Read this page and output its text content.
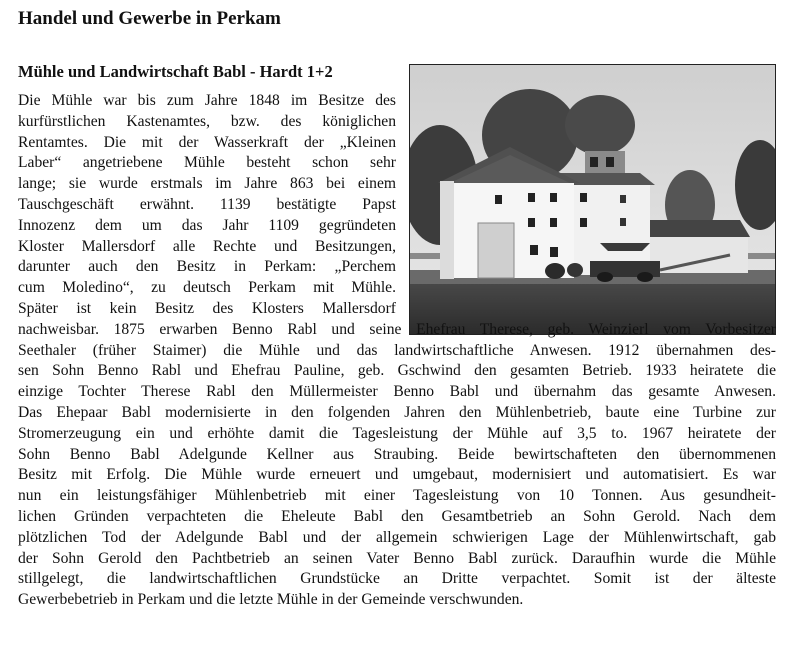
Handel und Gewerbe in Perkam
Mühle und Landwirtschaft Babl - Hardt 1+2
Die Mühle war bis zum Jahre 1848 im Besitze des
kurfürstlichen Kastenamtes, bzw. des königlichen
Rentamtes. Die mit der Wasserkraft der „Kleinen
Laber“ angetriebene Mühle besteht schon sehr
lange; sie wurde erstmals im Jahre 863 bei einem
Tauschgeschäft erwähnt. 1139 bestätigte Papst
Innozenz dem um das Jahr 1109 gegründeten
Kloster Mallersdorf alle Rechte und Besitzungen,
darunter auch den Besitz in Perkam: „Perchem
cum Moledino“, zu deutsch Perkam mit Mühle.
Später ist kein Besitz des Klosters Mallersdorf
nachweisbar. 1875 erwarben Benno Rabl und seine Ehefrau Therese, geb. Weinzierl vom Vorbesitzer
Seethaler (früher Staimer) die Mühle und das landwirtschaftliche Anwesen. 1912 übernahmen des-
sen Sohn Benno Rabl und Ehefrau Pauline, geb. Gschwind den gesamten Betrieb. 1933 heiratete die
einzige Tochter Therese Rabl den Müllermeister Benno Babl und übernahm das gesamte Anwesen.
Das Ehepaar Babl modernisierte in den folgenden Jahren den Mühlenbetrieb, baute eine Turbine zur
Stromerzeugung ein und erhöhte damit die Tagesleistung der Mühle auf 3,5 to. 1967 heiratete der
Sohn Benno Babl Adelgunde Kellner aus Straubing. Beide bewirtschafteten den übernommenen
Besitz mit Erfolg. Die Mühle wurde erneuert und umgebaut, modernisiert und automatisiert. Es war
nun ein leistungsfähiger Mühlenbetrieb mit einer Tagesleistung von 10 Tonnen. Aus gesundheit-
lichen Gründen verpachteten die Eheleute Babl den Gesamtbetrieb an Sohn Gerold. Nach dem
plötzlichen Tod der Adelgunde Babl und der allgemein schwierigen Lage der Mühlenwirtschaft, gab
der Sohn Gerold den Pachtbetrieb an seinen Vater Benno Babl zurück. Daraufhin wurde die Mühle
stillgelegt, die landwirtschaftlichen Grundstücke an Dritte verpachtet. Somit ist der älteste
Gewerbebetrieb in Perkam und die letzte Mühle in der Gemeinde verschwunden.
